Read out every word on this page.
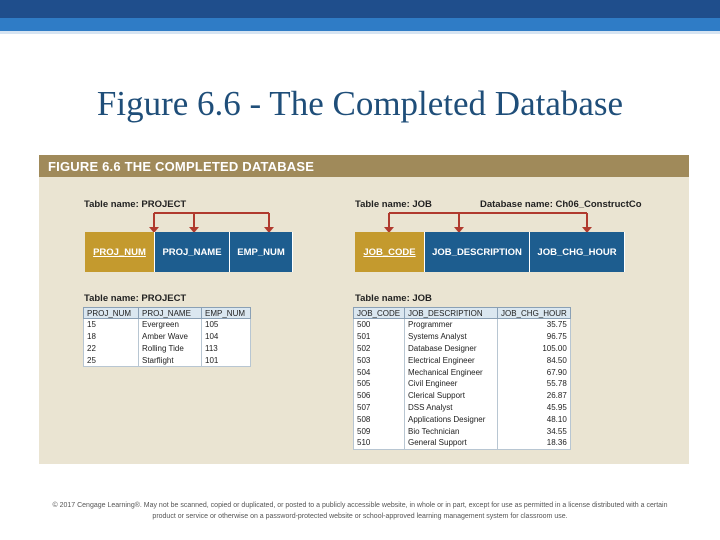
Figure 6.6 - The Completed Database
FIGURE 6.6 THE COMPLETED DATABASE
Table name: PROJECT	Table name: JOB	Database name: Ch06_ConstructCo
PROJ_NUM	PROJ_NAME	EMP_NUM	JOB_CODE	JOB_DESCRIPTION	JOB_CHG_HOUR
Table name: PROJECT	Table name: JOB
PROJ_NUM	PROJ_NAME	EMP_NUM
15	Evergreen	105
18	Amber Wave	104
22	Rolling Tide	113
25	Starflight	101
JOB_CODE	JOB_DESCRIPTION	JOB_CHG_HOUR
500	Programmer	35.75
501	Systems Analyst	96.75
502	Database Designer	105.00
503	Electrical Engineer	84.50
504	Mechanical Engineer	67.90
505	Civil Engineer	55.78
506	Clerical Support	26.87
507	DSS Analyst	45.95
508	Applications Designer	48.10
509	Bio Technician	34.55
510	General Support	18.36
© 2017 Cengage Learning®. May not be scanned, copied or duplicated, or posted to a publicly accessible website, in whole or in part, except for use as permitted in a license distributed with a certain product or service or otherwise on a password-protected website or school-approved learning management system for classroom use.
